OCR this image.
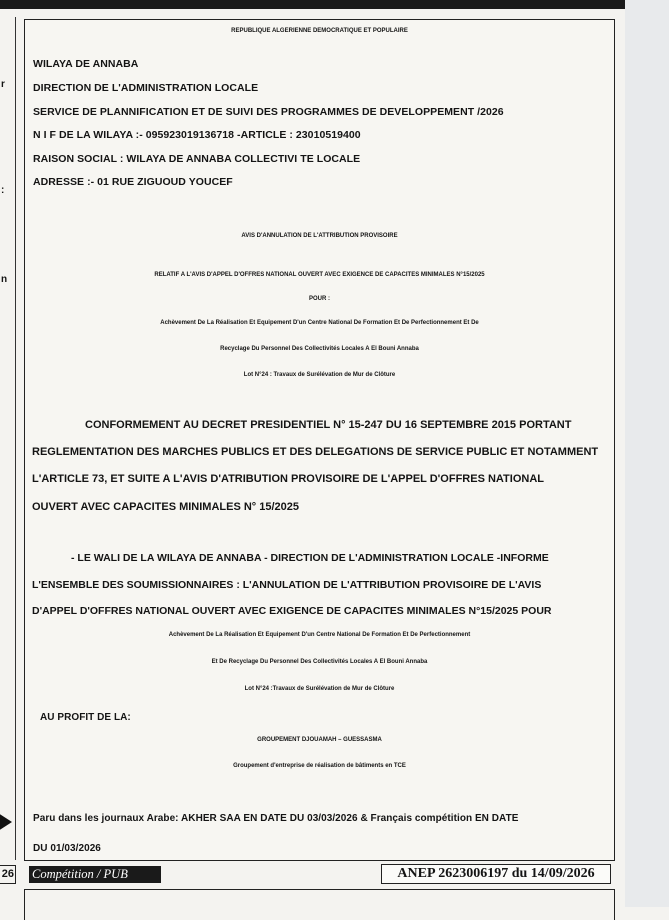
r
:
n
REPUBLIQUE ALGERIENNE DEMOCRATIQUE ET POPULAIRE
WILAYA DE ANNABA
DIRECTION DE L'ADMINISTRATION LOCALE
SERVICE DE PLANNIFICATION ET DE SUIVI DES PROGRAMMES DE DEVELOPPEMENT /2026
N I F DE LA WILAYA :- 095923019136718 -ARTICLE : 23010519400
RAISON SOCIAL : WILAYA DE ANNABA COLLECTIVI TE LOCALE
ADRESSE :- 01 RUE ZIGUOUD YOUCEF
AVIS D'ANNULATION DE L'ATTRIBUTION PROVISOIRE
RELATIF A L'AVIS D'APPEL D'OFFRES NATIONAL OUVERT AVEC EXIGENCE DE CAPACITES MINIMALES N°15/2025
POUR :
Achèvement De La Réalisation Et Equipement D'un Centre National De Formation Et De Perfectionnement Et De
Recyclage Du Personnel Des Collectivités Locales A El Bouni Annaba
Lot N°24 : Travaux de Surélévation de Mur de Clôture
CONFORMEMENT AU DECRET PRESIDENTIEL N° 15-247 DU 16 SEPTEMBRE 2015 PORTANT
REGLEMENTATION DES MARCHES PUBLICS ET DES DELEGATIONS DE SERVICE PUBLIC ET NOTAMMENT
L'ARTICLE 73, ET SUITE A L'AVIS D'ATRIBUTION PROVISOIRE DE L'APPEL D'OFFRES NATIONAL
OUVERT AVEC CAPACITES MINIMALES N° 15/2025
- LE WALI DE LA WILAYA DE ANNABA - DIRECTION DE L'ADMINISTRATION LOCALE -INFORME
L'ENSEMBLE DES SOUMISSIONNAIRES : L'ANNULATION DE L'ATTRIBUTION PROVISOIRE DE L'AVIS
D'APPEL D'OFFRES NATIONAL OUVERT AVEC EXIGENCE DE CAPACITES MINIMALES N°15/2025 POUR
Achèvement De La Réalisation Et Equipement D'un Centre National De Formation Et De Perfectionnement
Et De Recyclage Du Personnel Des Collectivités Locales A El Bouni Annaba
Lot N°24 :Travaux de Surélévation de Mur de Clôture
AU PROFIT DE LA:
GROUPEMENT DJOUAMAH – GUESSASMA
Groupement d'entreprise de réalisation de bâtiments en TCE
Paru dans les journaux Arabe: AKHER SAA EN DATE DU 03/03/2026 & Français compétition EN DATE
DU 01/03/2026
26 Compétition / PUB	ANEP 2623006197 du 14/09/2026
